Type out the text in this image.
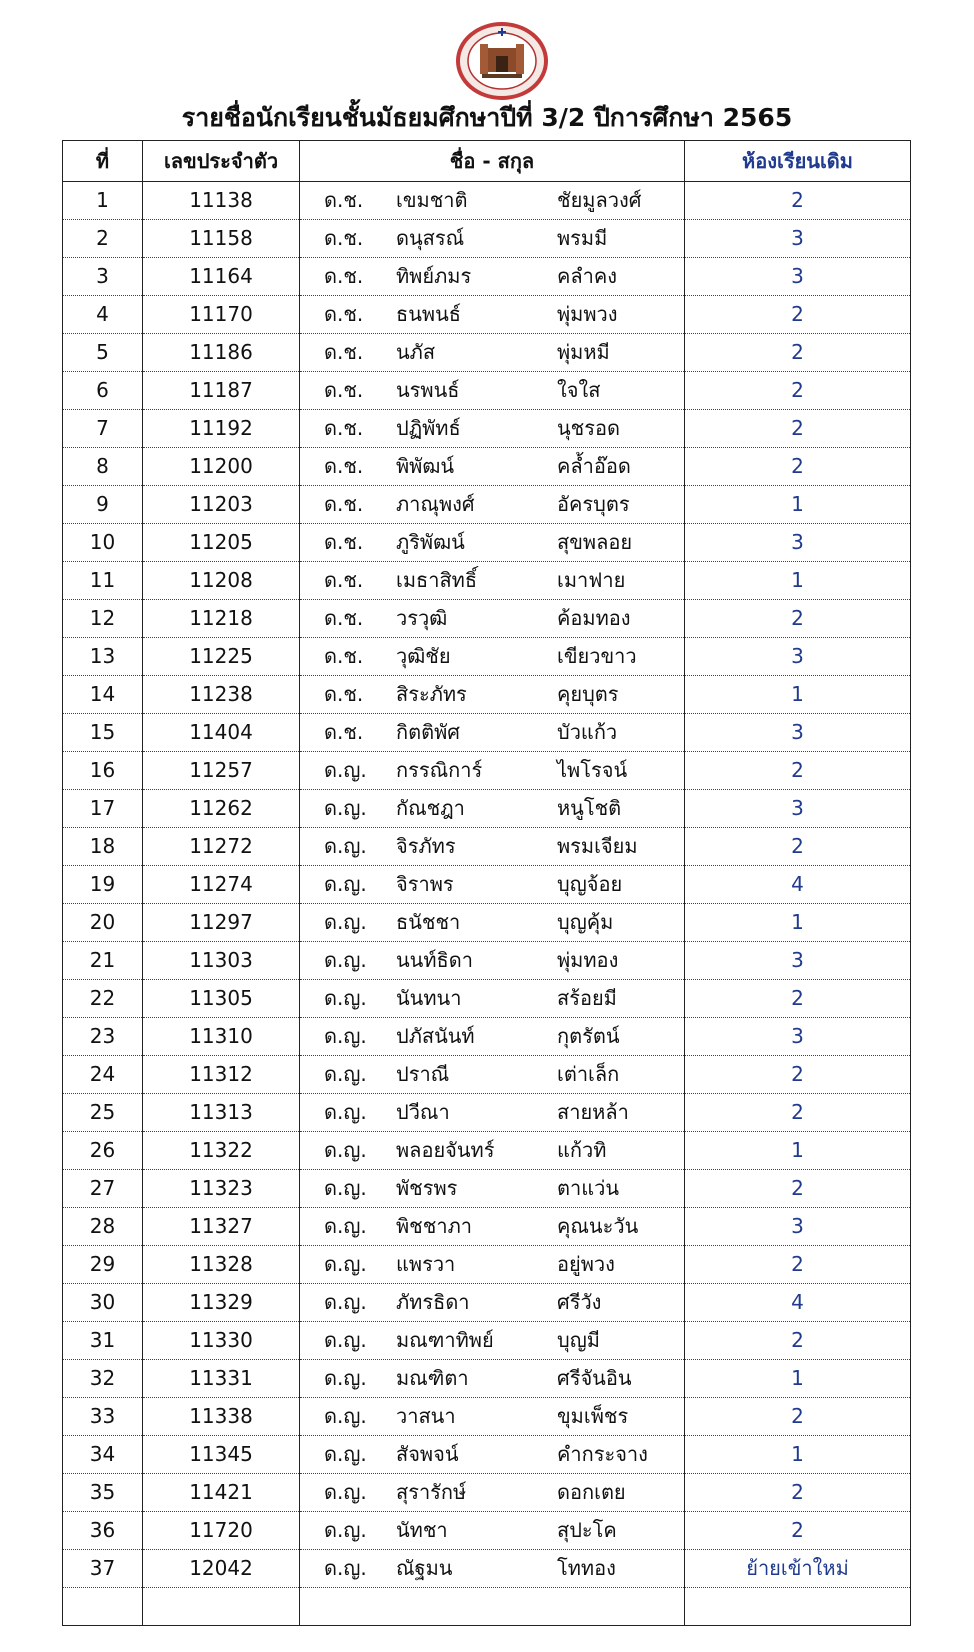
รายชื่อนักเรียนชั้นมัธยมศึกษาปีที่ 3/2 ปีการศึกษา 2565
ที่	เลขประจำตัว	ชื่อ - สกุล	ห้องเรียนเดิม
1	11138	ด.ช. เขมชาติ ชัยมูลวงศ์	2
2	11158	ด.ช. ดนุสรณ์ พรมมี	3
3	11164	ด.ช. ทิพย์ภมร คลำคง	3
4	11170	ด.ช. ธนพนธ์ พุ่มพวง	2
5	11186	ด.ช. นภัส พุ่มหมี	2
6	11187	ด.ช. นรพนธ์ ใจใส	2
7	11192	ด.ช. ปฏิพัทธ์ นุชรอด	2
8	11200	ด.ช. พิพัฒน์ คล้ำอ๊อด	2
9	11203	ด.ช. ภาณุพงศ์ อัครบุตร	1
10	11205	ด.ช. ภูริพัฒน์ สุขพลอย	3
11	11208	ด.ช. เมธาสิทธิ์ เมาฟาย	1
12	11218	ด.ช. วรวุฒิ ค้อมทอง	2
13	11225	ด.ช. วุฒิชัย เขียวขาว	3
14	11238	ด.ช. สิระภัทร คุยบุตร	1
15	11404	ด.ช. กิตติพัศ บัวแก้ว	3
16	11257	ด.ญ. กรรณิการ์ ไพโรจน์	2
17	11262	ด.ญ. กัณชฎา หนูโชติ	3
18	11272	ด.ญ. จิรภัทร พรมเจียม	2
19	11274	ด.ญ. จิราพร บุญจ้อย	4
20	11297	ด.ญ. ธนัชชา บุญคุ้ม	1
21	11303	ด.ญ. นนท์ธิดา พุ่มทอง	3
22	11305	ด.ญ. นันทนา สร้อยมี	2
23	11310	ด.ญ. ปภัสนันท์ กุตรัตน์	3
24	11312	ด.ญ. ปราณี เต่าเล็ก	2
25	11313	ด.ญ. ปวีณา สายหล้า	2
26	11322	ด.ญ. พลอยจันทร์ แก้วทิ	1
27	11323	ด.ญ. พัชรพร ตาแว่น	2
28	11327	ด.ญ. พิชชาภา คุณนะวัน	3
29	11328	ด.ญ. แพรวา อยู่พวง	2
30	11329	ด.ญ. ภัทรธิดา ศรีวัง	4
31	11330	ด.ญ. มณฑาทิพย์ บุญมี	2
32	11331	ด.ญ. มณฑิตา ศรีจันอิน	1
33	11338	ด.ญ. วาสนา ขุมเพ็ชร	2
34	11345	ด.ญ. สัจพจน์ คำกระจาง	1
35	11421	ด.ญ. สุรารักษ์ ดอกเตย	2
36	11720	ด.ญ. นัทชา สุปะโค	2
37	12042	ด.ญ. ณัฐมน โททอง	ย้ายเข้าใหม่
